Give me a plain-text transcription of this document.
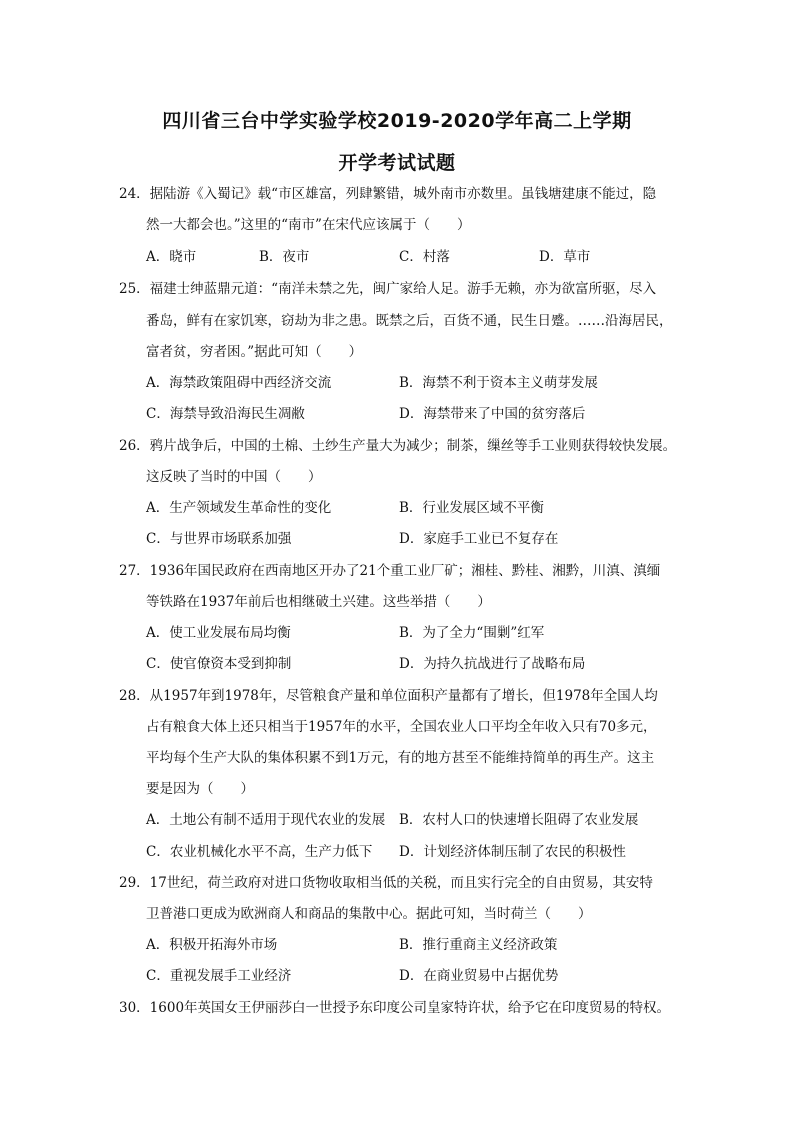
四川省三台中学实验学校2019-2020学年高二上学期
开学考试试题
24．据陆游《入蜀记》载“市区雄富，列肆繁错，城外南市亦数里。虽钱塘建康不能过，隐
然一大都会也。”这里的“南市”在宋代应该属于（　　）
A．晓市	B．夜市	C．村落	D．草市
25．福建士绅蓝鼎元道：“南洋未禁之先，闽广家给人足。游手无赖，亦为欲富所驱，尽入
番岛，鲜有在家饥寒，窃劫为非之患。既禁之后，百货不通，民生日蹙。……沿海居民，
富者贫，穷者困。”据此可知（　　）
A．海禁政策阻碍中西经济交流	B．海禁不利于资本主义萌芽发展
C．海禁导致沿海民生凋敝	D．海禁带来了中国的贫穷落后
26．鸦片战争后，中国的土棉、土纱生产量大为减少；制茶，缫丝等手工业则获得较快发展。
这反映了当时的中国（　　）
A．生产领域发生革命性的变化	B．行业发展区域不平衡
C．与世界市场联系加强	D．家庭手工业已不复存在
27．1936年国民政府在西南地区开办了21个重工业厂矿；湘桂、黔桂、湘黔，川滇、滇缅
等铁路在1937年前后也相继破土兴建。这些举措（　　）
A．使工业发展布局均衡	B．为了全力“围剿”红军
C．使官僚资本受到抑制	D．为持久抗战进行了战略布局
28．从1957年到1978年，尽管粮食产量和单位面积产量都有了增长，但1978年全国人均
占有粮食大体上还只相当于1957年的水平，全国农业人口平均全年收入只有70多元，
平均每个生产大队的集体积累不到1万元，有的地方甚至不能维持简单的再生产。这主
要是因为（　　）
A．土地公有制不适用于现代农业的发展 B．农村人口的快速增长阻碍了农业发展
C．农业机械化水平不高，生产力低下 D．计划经济体制压制了农民的积极性
29．17世纪，荷兰政府对进口货物收取相当低的关税，而且实行完全的自由贸易，其安特
卫普港口更成为欧洲商人和商品的集散中心。据此可知，当时荷兰（　　）
A．积极开拓海外市场	B．推行重商主义经济政策
C．重视发展手工业经济	D．在商业贸易中占据优势
30．1600年英国女王伊丽莎白一世授予东印度公司皇家特许状，给予它在印度贸易的特权。
